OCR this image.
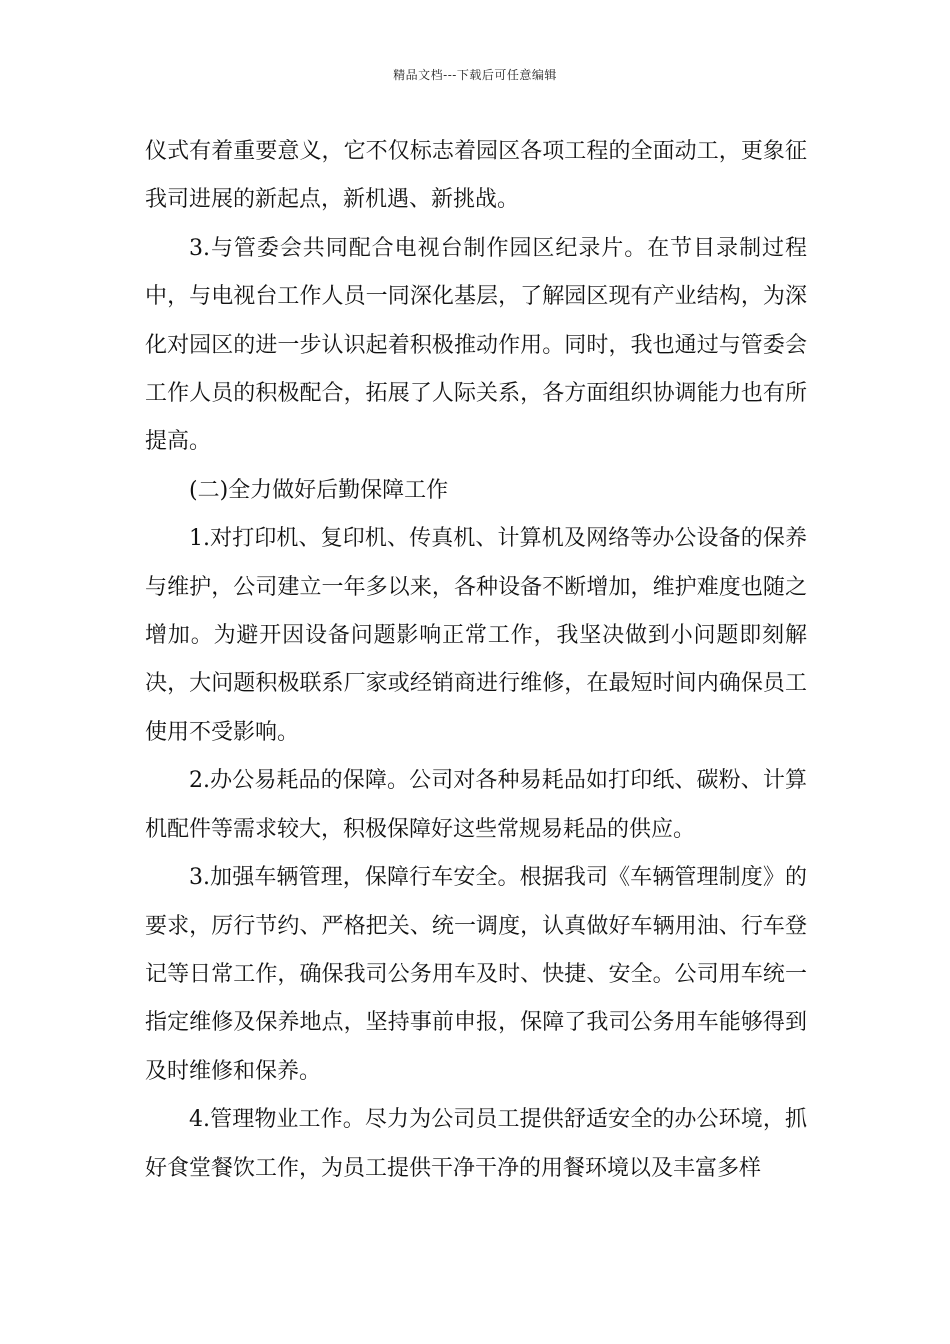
精品文档---下载后可任意编辑

仪式有着重要意义，它不仅标志着园区各项工程的全面动工，更象征我司进展的新起点，新机遇、新挑战。

3.与管委会共同配合电视台制作园区纪录片。在节目录制过程中，与电视台工作人员一同深化基层，了解园区现有产业结构，为深化对园区的进一步认识起着积极推动作用。同时，我也通过与管委会工作人员的积极配合，拓展了人际关系，各方面组织协调能力也有所提高。

(二)全力做好后勤保障工作

1.对打印机、复印机、传真机、计算机及网络等办公设备的保养与维护，公司建立一年多以来，各种设备不断增加，维护难度也随之增加。为避开因设备问题影响正常工作，我坚决做到小问题即刻解决，大问题积极联系厂家或经销商进行维修，在最短时间内确保员工使用不受影响。

2.办公易耗品的保障。公司对各种易耗品如打印纸、碳粉、计算机配件等需求较大，积极保障好这些常规易耗品的供应。

3.加强车辆管理，保障行车安全。根据我司《车辆管理制度》的要求，厉行节约、严格把关、统一调度，认真做好车辆用油、行车登记等日常工作，确保我司公务用车及时、快捷、安全。公司用车统一指定维修及保养地点，坚持事前申报，保障了我司公务用车能够得到及时维修和保养。

4.管理物业工作。尽力为公司员工提供舒适安全的办公环境，抓好食堂餐饮工作，为员工提供干净干净的用餐环境以及丰富多样
